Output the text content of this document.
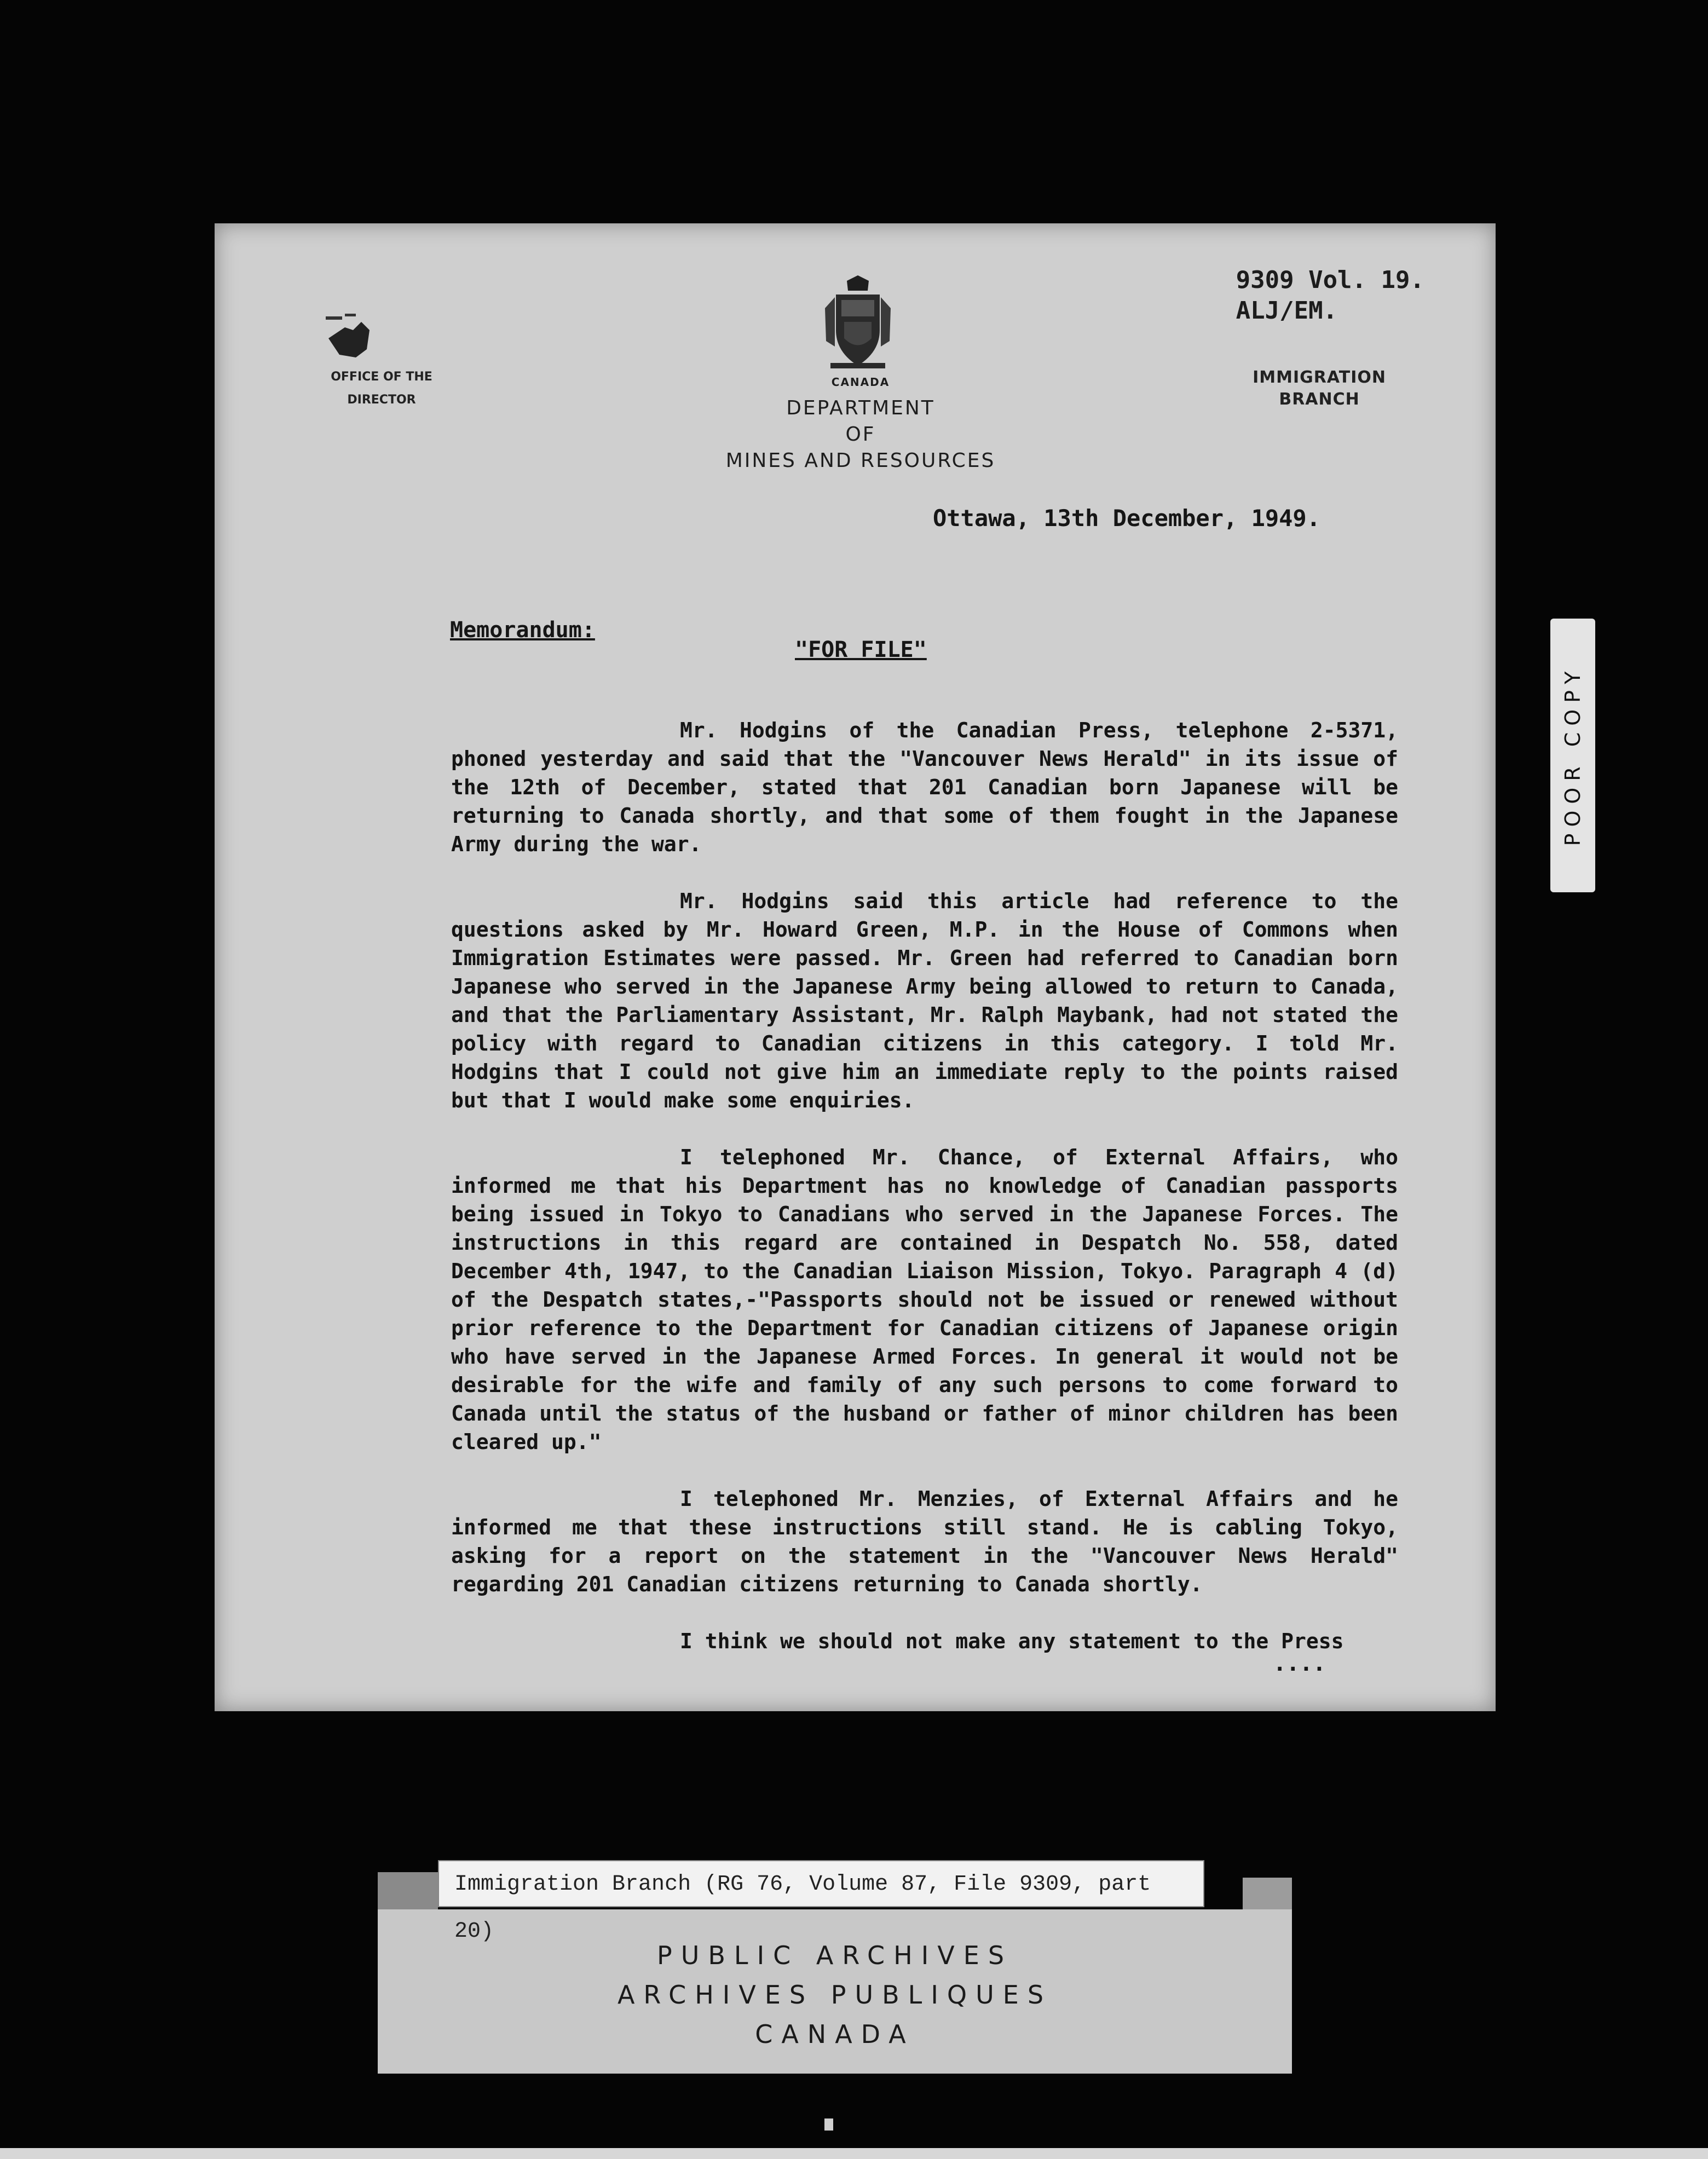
9309 Vol. 19.
ALJ/EM.
OFFICE OF THE
DIRECTOR
CANADA
DEPARTMENT
OF
MINES AND RESOURCES
IMMIGRATION
BRANCH
Ottawa, 13th December, 1949.
Memorandum:
"FOR FILE"

Mr. Hodgins of the Canadian Press, telephone 2-5371, phoned yesterday and said that the "Vancouver News Herald" in its issue of the 12th of December, stated that 201 Canadian born Japanese will be returning to Canada shortly, and that some of them fought in the Japanese Army during the war.

Mr. Hodgins said this article had reference to the questions asked by Mr. Howard Green, M.P. in the House of Commons when Immigration Estimates were passed. Mr. Green had referred to Canadian born Japanese who served in the Japanese Army being allowed to return to Canada, and that the Parliamentary Assistant, Mr. Ralph Maybank, had not stated the policy with regard to Canadian citizens in this category. I told Mr. Hodgins that I could not give him an immediate reply to the points raised but that I would make some enquiries.

I telephoned Mr. Chance, of External Affairs, who informed me that his Department has no knowledge of Canadian passports being issued in Tokyo to Canadians who served in the Japanese Forces. The instructions in this regard are contained in Despatch No. 558, dated December 4th, 1947, to the Canadian Liaison Mission, Tokyo. Paragraph 4 (d) of the Despatch states,-"Passports should not be issued or renewed without prior reference to the Department for Canadian citizens of Japanese origin who have served in the Japanese Armed Forces. In general it would not be desirable for the wife and family of any such persons to come forward to Canada until the status of the husband or father of minor children has been cleared up."

I telephoned Mr. Menzies, of External Affairs and he informed me that these instructions still stand. He is cabling Tokyo, asking for a report on the statement in the "Vancouver News Herald" regarding 201 Canadian citizens returning to Canada shortly.

I think we should not make any statement to the Press

....
POOR COPY
PUBLIC ARCHIVES
ARCHIVES PUBLIQUES
CANADA
Immigration Branch (RG 76, Volume 87, File 9309, part 20)
